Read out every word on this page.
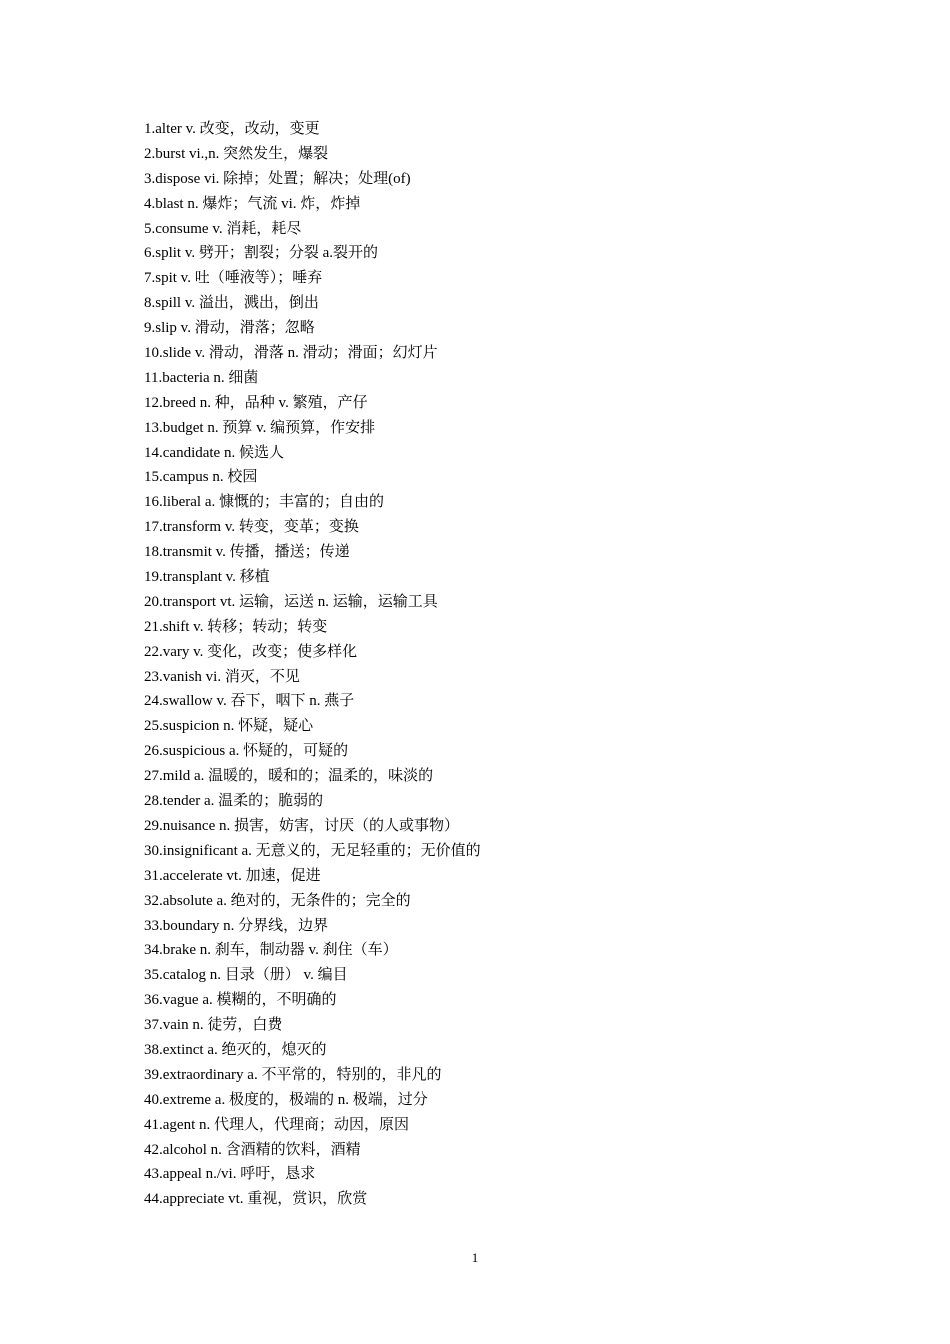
1.alter v. 改变，改动，变更
2.burst vi.,n. 突然发生，爆裂
3.dispose vi. 除掉；处置；解决；处理(of)
4.blast n. 爆炸；气流 vi. 炸，炸掉
5.consume v. 消耗，耗尽
6.split v. 劈开；割裂；分裂 a.裂开的
7.spit v. 吐（唾液等）；唾弃
8.spill v. 溢出，溅出，倒出
9.slip v. 滑动，滑落；忽略
10.slide v. 滑动，滑落 n. 滑动；滑面；幻灯片
11.bacteria n. 细菌
12.breed n. 种，品种 v. 繁殖，产仔
13.budget n. 预算 v. 编预算，作安排
14.candidate n. 候选人
15.campus n. 校园
16.liberal a. 慷慨的；丰富的；自由的
17.transform v. 转变，变革；变换
18.transmit v. 传播，播送；传递
19.transplant v. 移植
20.transport vt. 运输，运送 n. 运输，运输工具
21.shift v. 转移；转动；转变
22.vary v. 变化，改变；使多样化
23.vanish vi. 消灭，不见
24.swallow v. 吞下，咽下 n. 燕子
25.suspicion n. 怀疑，疑心
26.suspicious a. 怀疑的，可疑的
27.mild a. 温暖的，暖和的；温柔的，味淡的
28.tender a. 温柔的；脆弱的
29.nuisance n. 损害，妨害，讨厌（的人或事物）
30.insignificant a. 无意义的，无足轻重的；无价值的
31.accelerate vt. 加速，促进
32.absolute a. 绝对的，无条件的；完全的
33.boundary n. 分界线，边界
34.brake n. 刹车，制动器 v. 刹住（车）
35.catalog n. 目录（册） v. 编目
36.vague a. 模糊的，不明确的
37.vain n. 徒劳，白费
38.extinct a. 绝灭的，熄灭的
39.extraordinary a. 不平常的，特别的，非凡的
40.extreme a. 极度的，极端的 n. 极端，过分
41.agent n. 代理人，代理商；动因，原因
42.alcohol n. 含酒精的饮料，酒精
43.appeal n./vi. 呼吁，恳求
44.appreciate vt. 重视，赏识，欣赏
1
